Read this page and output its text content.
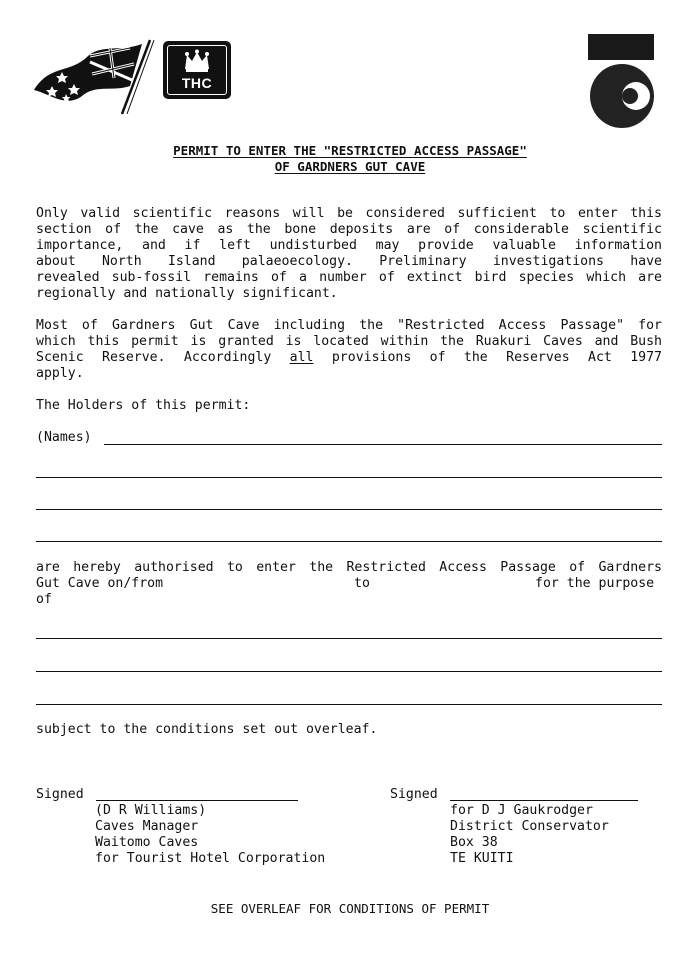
THC
PERMIT TO ENTER THE "RESTRICTED ACCESS PASSAGE"
OF GARDNERS GUT CAVE
Only valid scientific reasons will be considered sufficient to enter this
section of the cave as the bone deposits are of considerable scientific
importance, and if left undisturbed may provide valuable information
about North Island palaeoecology. Preliminary investigations have
revealed sub-fossil remains of a number of extinct bird species which are
regionally and nationally significant.
Most of Gardners Gut Cave including the "Restricted Access Passage" for
which this permit is granted is located within the Ruakuri Caves and Bush
Scenic Reserve. Accordingly all provisions of the Reserves Act 1977
apply.
The Holders of this permit:
(Names)
are hereby authorised to enter the Restricted Access Passage of Gardners
Gut Cave on/from	to	for the purpose
of
subject to the conditions set out overleaf.
Signed
(D R Williams)
Caves Manager
Waitomo Caves
for Tourist Hotel Corporation
Signed
for D J Gaukrodger
District Conservator
Box 38
TE KUITI
SEE OVERLEAF FOR CONDITIONS OF PERMIT
